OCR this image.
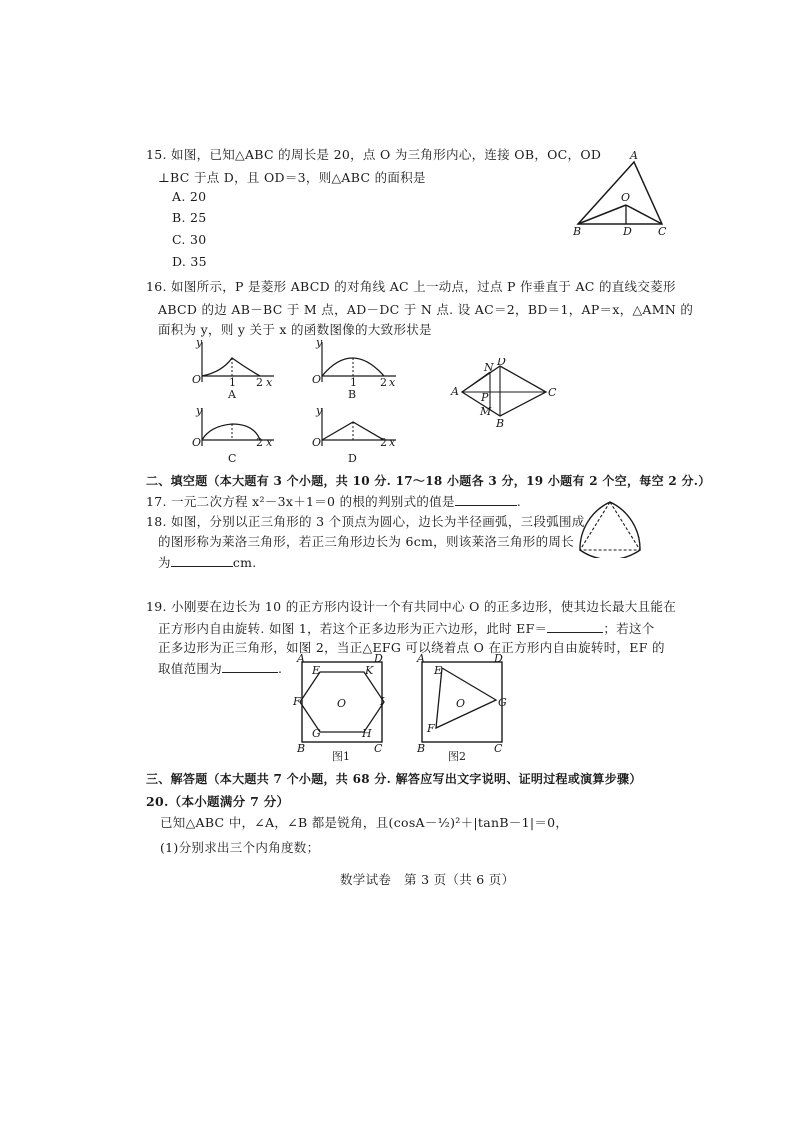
15. 如图，已知△ABC 的周长是 20，点 O 为三角形内心，连接 OB，OC，OD
⊥BC 于点 D，且 OD＝3，则△ABC 的面积是
A. 20
B. 25
C. 30
D. 35
A
O
B	D C
16. 如图所示，P 是菱形 ABCD 的对角线 AC 上一动点，过点 P 作垂直于 AC 的直线交菱形
ABCD 的边 AB－BC 于 M 点，AD－DC 于 N 点. 设 AC＝2，BD＝1，AP＝x，△AMN 的
面积为 y，则 y 关于 x 的函数图像的大致形状是
y
O	1 2 x
A
y
O	1 2 x
B
y
O	2 x
C
y
O	2 x
D
N D
A P	C
M
B
二、填空题（本大题有 3 个小题，共 10 分. 17～18 小题各 3 分，19 小题有 2 个空，每空 2 分.）
17. 一元二次方程 x²－3x＋1＝0 的根的判别式的值是	.
18. 如图，分别以正三角形的 3 个顶点为圆心，边长为半径画弧，三段弧围成
的图形称为莱洛三角形，若正三角形边长为 6cm，则该莱洛三角形的周长
为	cm.
19. 小刚要在边长为 10 的正方形内设计一个有共同中心 O 的正多边形，使其边长最大且能在
正方形内自由旋转. 如图 1，若这个正多边形为正六边形，此时 EF＝	；若这个
正多边形为正三角形，如图 2，当正△EFG 可以绕着点 O 在正方形内自由旋转时，EF 的
取值范围为	.
A	D
E	K
F	I
G	H
B	C
O
图1
A	D
E
G
F
B	C
O
图2
三、解答题（本大题共 7 个小题，共 68 分. 解答应写出文字说明、证明过程或演算步骤）
20.（本小题满分 7 分）
已知△ABC 中，∠A，∠B 都是锐角，且(cosA－½)²＋|tanB－1|＝0，
(1)分别求出三个内角度数；
数学试卷　第 3 页（共 6 页）
